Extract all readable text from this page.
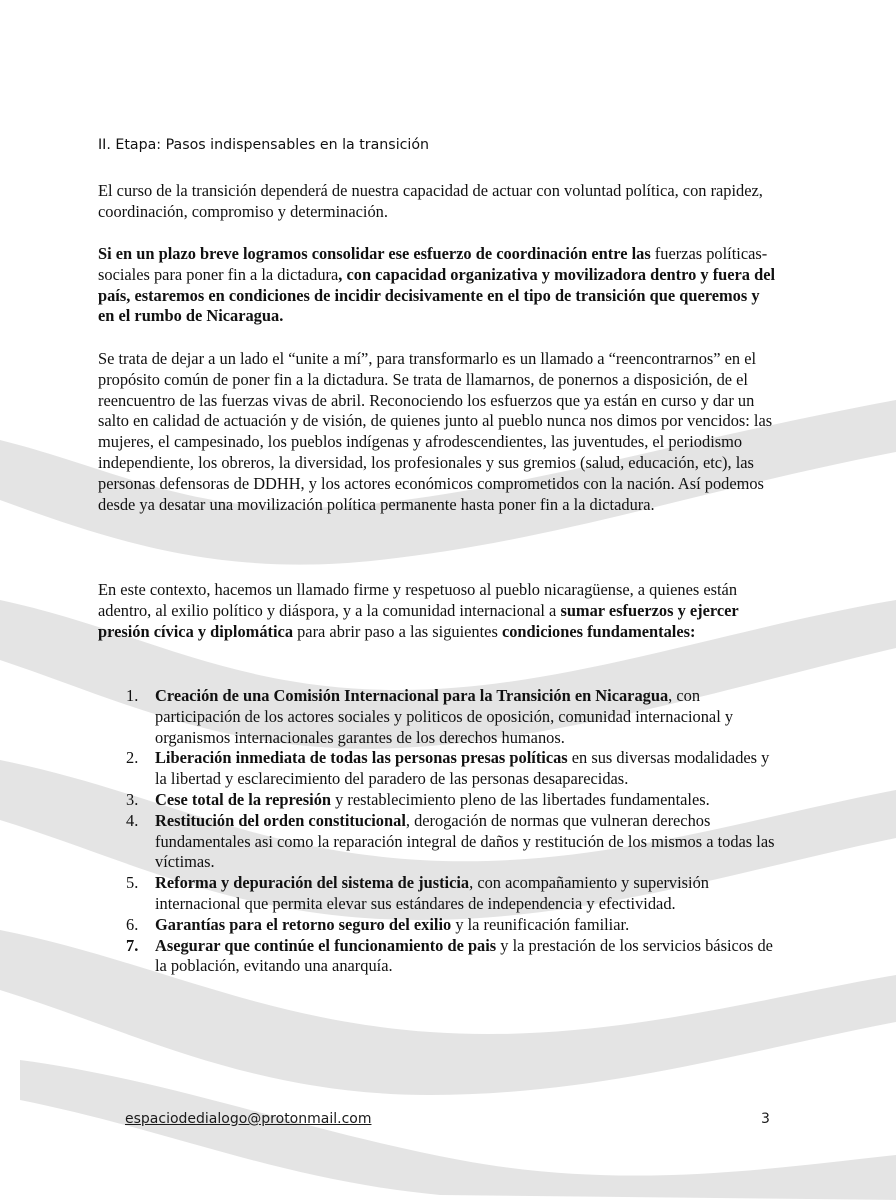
II. Etapa: Pasos indispensables en la transición

El curso de la transición dependerá de nuestra capacidad de actuar con voluntad política, con rapidez, coordinación, compromiso y determinación.

Si en un plazo breve logramos consolidar ese esfuerzo de coordinación entre las fuerzas políticas-sociales para poner fin a la dictadura, con capacidad organizativa y movilizadora dentro y fuera del país, estaremos en condiciones de incidir decisivamente en el tipo de transición que queremos y en el rumbo de Nicaragua.

Se trata de dejar a un lado el “unite a mí”, para transformarlo es un llamado a “reencontrarnos” en el propósito común de poner fin a la dictadura. Se trata de llamarnos, de ponernos a disposición, de el reencuentro de las fuerzas vivas de abril. Reconociendo los esfuerzos que ya están en curso y dar un salto en calidad de actuación y de visión, de quienes junto al pueblo nunca nos dimos por vencidos: las mujeres, el campesinado, los pueblos indígenas y afrodescendientes, las juventudes, el periodismo independiente, los obreros, la diversidad, los profesionales y sus gremios (salud, educación, etc), las personas defensoras de DDHH, y los actores económicos comprometidos con la nación. Así podemos desde ya desatar una movilización política permanente hasta poner fin a la dictadura.

En este contexto, hacemos un llamado firme y respetuoso al pueblo nicaragüense, a quienes están adentro, al exilio político y diáspora, y a la comunidad internacional a sumar esfuerzos y ejercer presión cívica y diplomática para abrir paso a las siguientes condiciones fundamentales:

1. Creación de una Comisión Internacional para la Transición en Nicaragua, con participación de los actores sociales y politicos de oposición, comunidad internacional y organismos internacionales garantes de los derechos humanos.
2. Liberación inmediata de todas las personas presas políticas en sus diversas modalidades y la libertad y esclarecimiento del paradero de las personas desaparecidas.
3. Cese total de la represión y restablecimiento pleno de las libertades fundamentales.
4. Restitución del orden constitucional, derogación de normas que vulneran derechos fundamentales asi como la reparación integral de daños y restitución de los mismos a todas las víctimas.
5. Reforma y depuración del sistema de justicia, con acompañamiento y supervisión internacional que permita elevar sus estándares de independencia y efectividad.
6. Garantías para el retorno seguro del exilio y la reunificación familiar.
7. Asegurar que continúe el funcionamiento de pais y la prestación de los servicios básicos de la población, evitando una anarquía.
espaciodedialogo@protonmail.com	3
